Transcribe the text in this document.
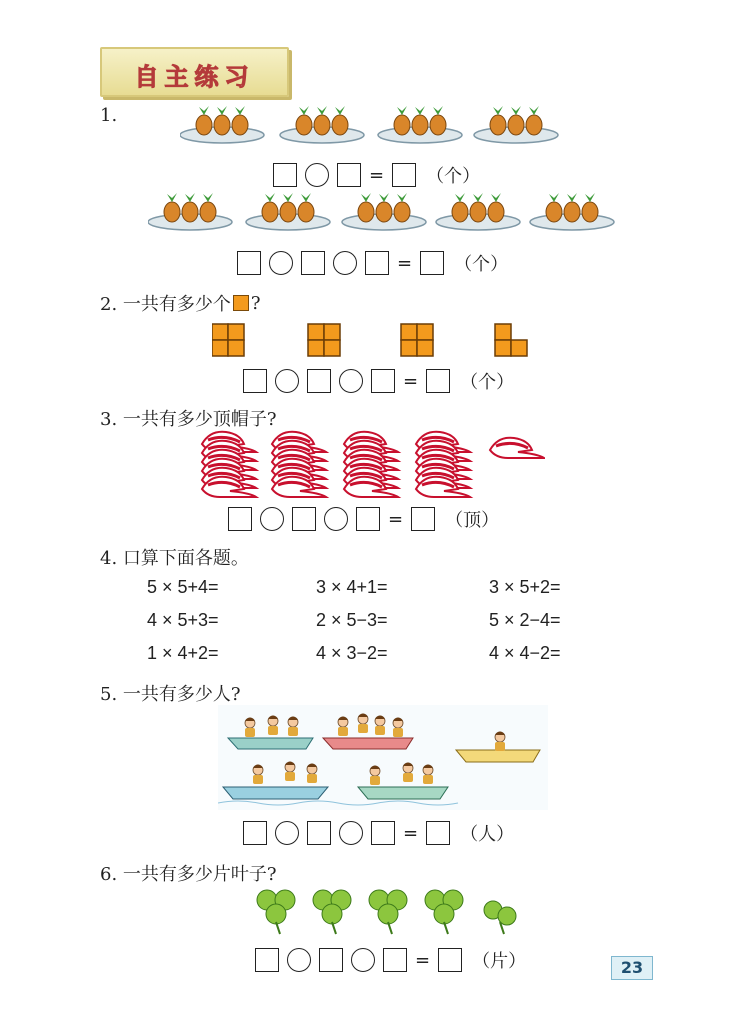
自主练习
1.
= （个）
= （个）
2. 一共有多少个 ?
= （个）
3. 一共有多少顶帽子?
= （顶）
4. 口算下面各题。
5 × 5+4=	3 × 4+1=	3 × 5+2=
4 × 5+3=	2 × 5−3=	5 × 2−4=
1 × 4+2=	4 × 3−2=	4 × 4−2=
5. 一共有多少人?
= （人）
6. 一共有多少片叶子?
= （片）	23
